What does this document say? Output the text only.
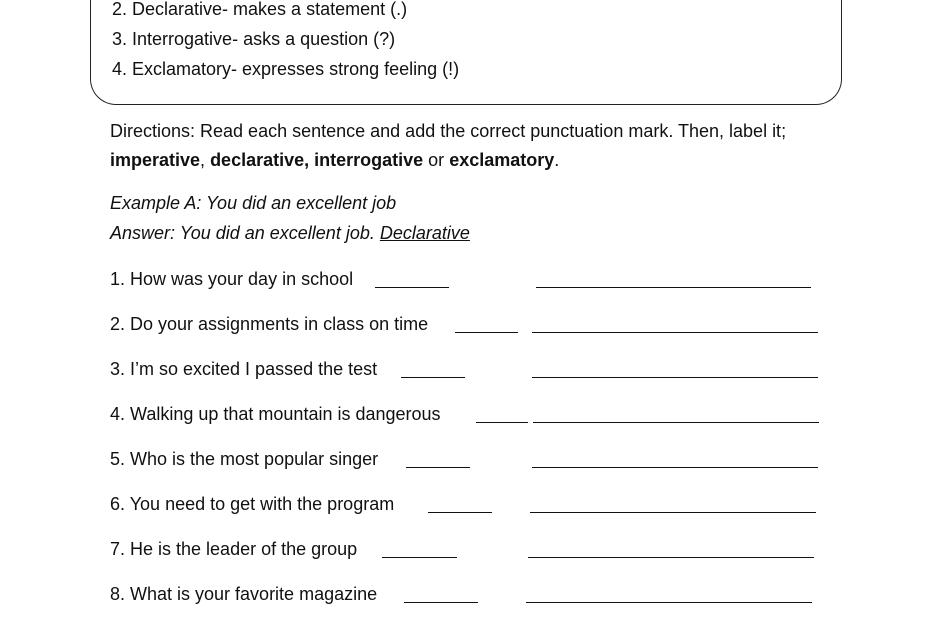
2. Declarative- makes a statement (.)
3. Interrogative- asks a question (?)
4. Exclamatory- expresses strong feeling (!)
Directions: Read each sentence and add the correct punctuation mark. Then, label it; imperative, declarative, interrogative or exclamatory.
Example A: You did an excellent job
Answer: You did an excellent job. Declarative
1. How was your day in school
2. Do your assignments in class on time
3. I’m so excited I passed the test
4. Walking up that mountain is dangerous
5. Who is the most popular singer
6. You need to get with the program
7. He is the leader of the group
8. What is your favorite magazine
